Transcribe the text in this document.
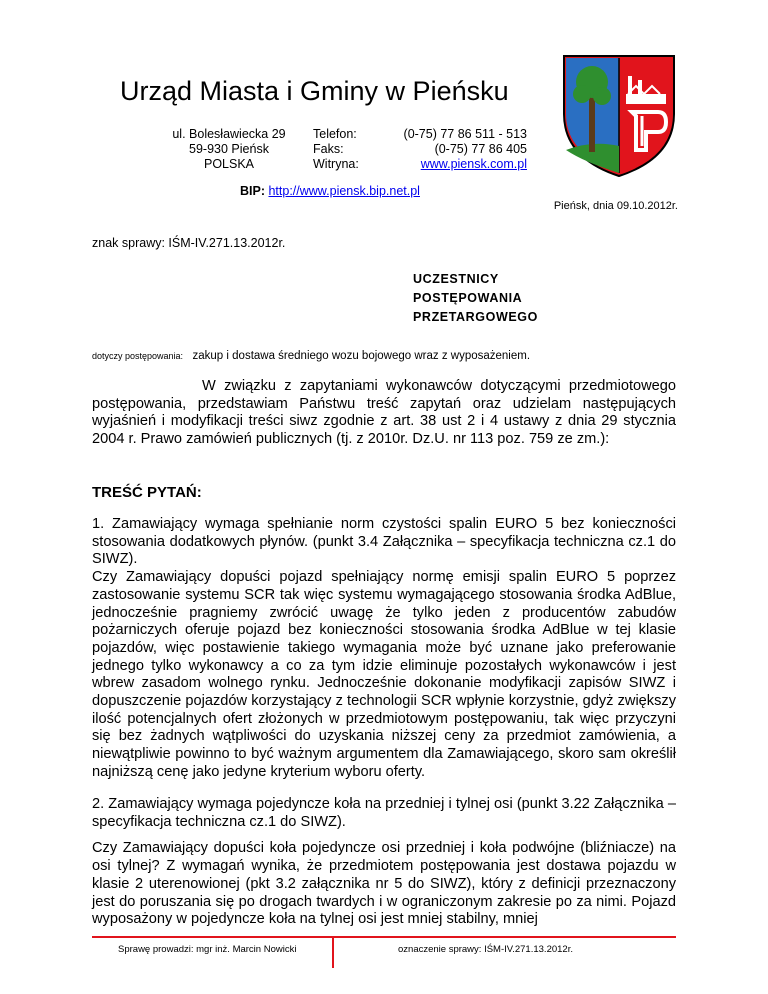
Urząd Miasta i Gminy w Pieńsku
ul. Bolesławiecka 29
59-930 Pieńsk
POLSKA
Telefon:
Faks:
Witryna:
(0-75) 77 86 511 - 513
(0-75) 77 86 405
www.piensk.com.pl
BIP: http://www.piensk.bip.net.pl
Pieńsk, dnia 09.10.2012r.
znak sprawy: IŚM-IV.271.13.2012r.
UCZESTNICY
POSTĘPOWANIA
PRZETARGOWEGO
dotyczy postępowania: zakup i dostawa średniego wozu bojowego wraz z wyposażeniem.
W związku z zapytaniami wykonawców dotyczącymi przedmiotowego postępowania, przedstawiam Państwu treść zapytań oraz udzielam następujących wyjaśnień i modyfikacji treści siwz zgodnie z art. 38 ust 2 i 4 ustawy z dnia 29 stycznia 2004 r. Prawo zamówień publicznych (tj. z 2010r. Dz.U. nr 113 poz. 759 ze zm.):
TREŚĆ PYTAŃ:

1. Zamawiający wymaga spełnianie norm czystości spalin EURO 5 bez konieczności stosowania dodatkowych płynów. (punkt 3.4 Załącznika – specyfikacja techniczna cz.1 do SIWZ).

Czy Zamawiający dopuści pojazd spełniający normę emisji spalin EURO 5 poprzez zastosowanie systemu SCR tak więc systemu wymagającego stosowania środka AdBlue, jednocześnie pragniemy zwrócić uwagę że tylko jeden z producentów zabudów pożarniczych oferuje pojazd bez konieczności stosowania środka AdBlue w tej klasie pojazdów, więc postawienie takiego wymagania może być uznane jako preferowanie jednego tylko wykonawcy a co za tym idzie eliminuje pozostałych wykonawców i jest wbrew zasadom wolnego rynku. Jednocześnie dokonanie modyfikacji zapisów SIWZ i dopuszczenie pojazdów korzystający z technologii SCR wpłynie korzystnie, gdyż zwiększy ilość potencjalnych ofert złożonych w przedmiotowym postępowaniu, tak więc przyczyni się bez żadnych wątpliwości do uzyskania niższej ceny za przedmiot zamówienia, a niewątpliwie powinno to być ważnym argumentem dla Zamawiającego, skoro sam określił najniższą cenę jako jedyne kryterium wyboru oferty.

2. Zamawiający wymaga pojedyncze koła na przedniej i tylnej osi (punkt 3.22 Załącznika – specyfikacja techniczna cz.1 do SIWZ).

Czy Zamawiający dopuści koła pojedyncze osi przedniej i koła podwójne (bliźniacze) na osi tylnej? Z wymagań wynika, że przedmiotem postępowania jest dostawa pojazdu w klasie 2 uterenowionej (pkt 3.2 załącznika nr 5 do SIWZ), który z definicji przeznaczony jest do poruszania się po drogach twardych i w ograniczonym zakresie po za nimi. Pojazd wyposażony w pojedyncze koła na tylnej osi jest mniej stabilny, mniej

Sprawę prowadzi: mgr inż. Marcin Nowicki	oznaczenie sprawy: IŚM-IV.271.13.2012r.
